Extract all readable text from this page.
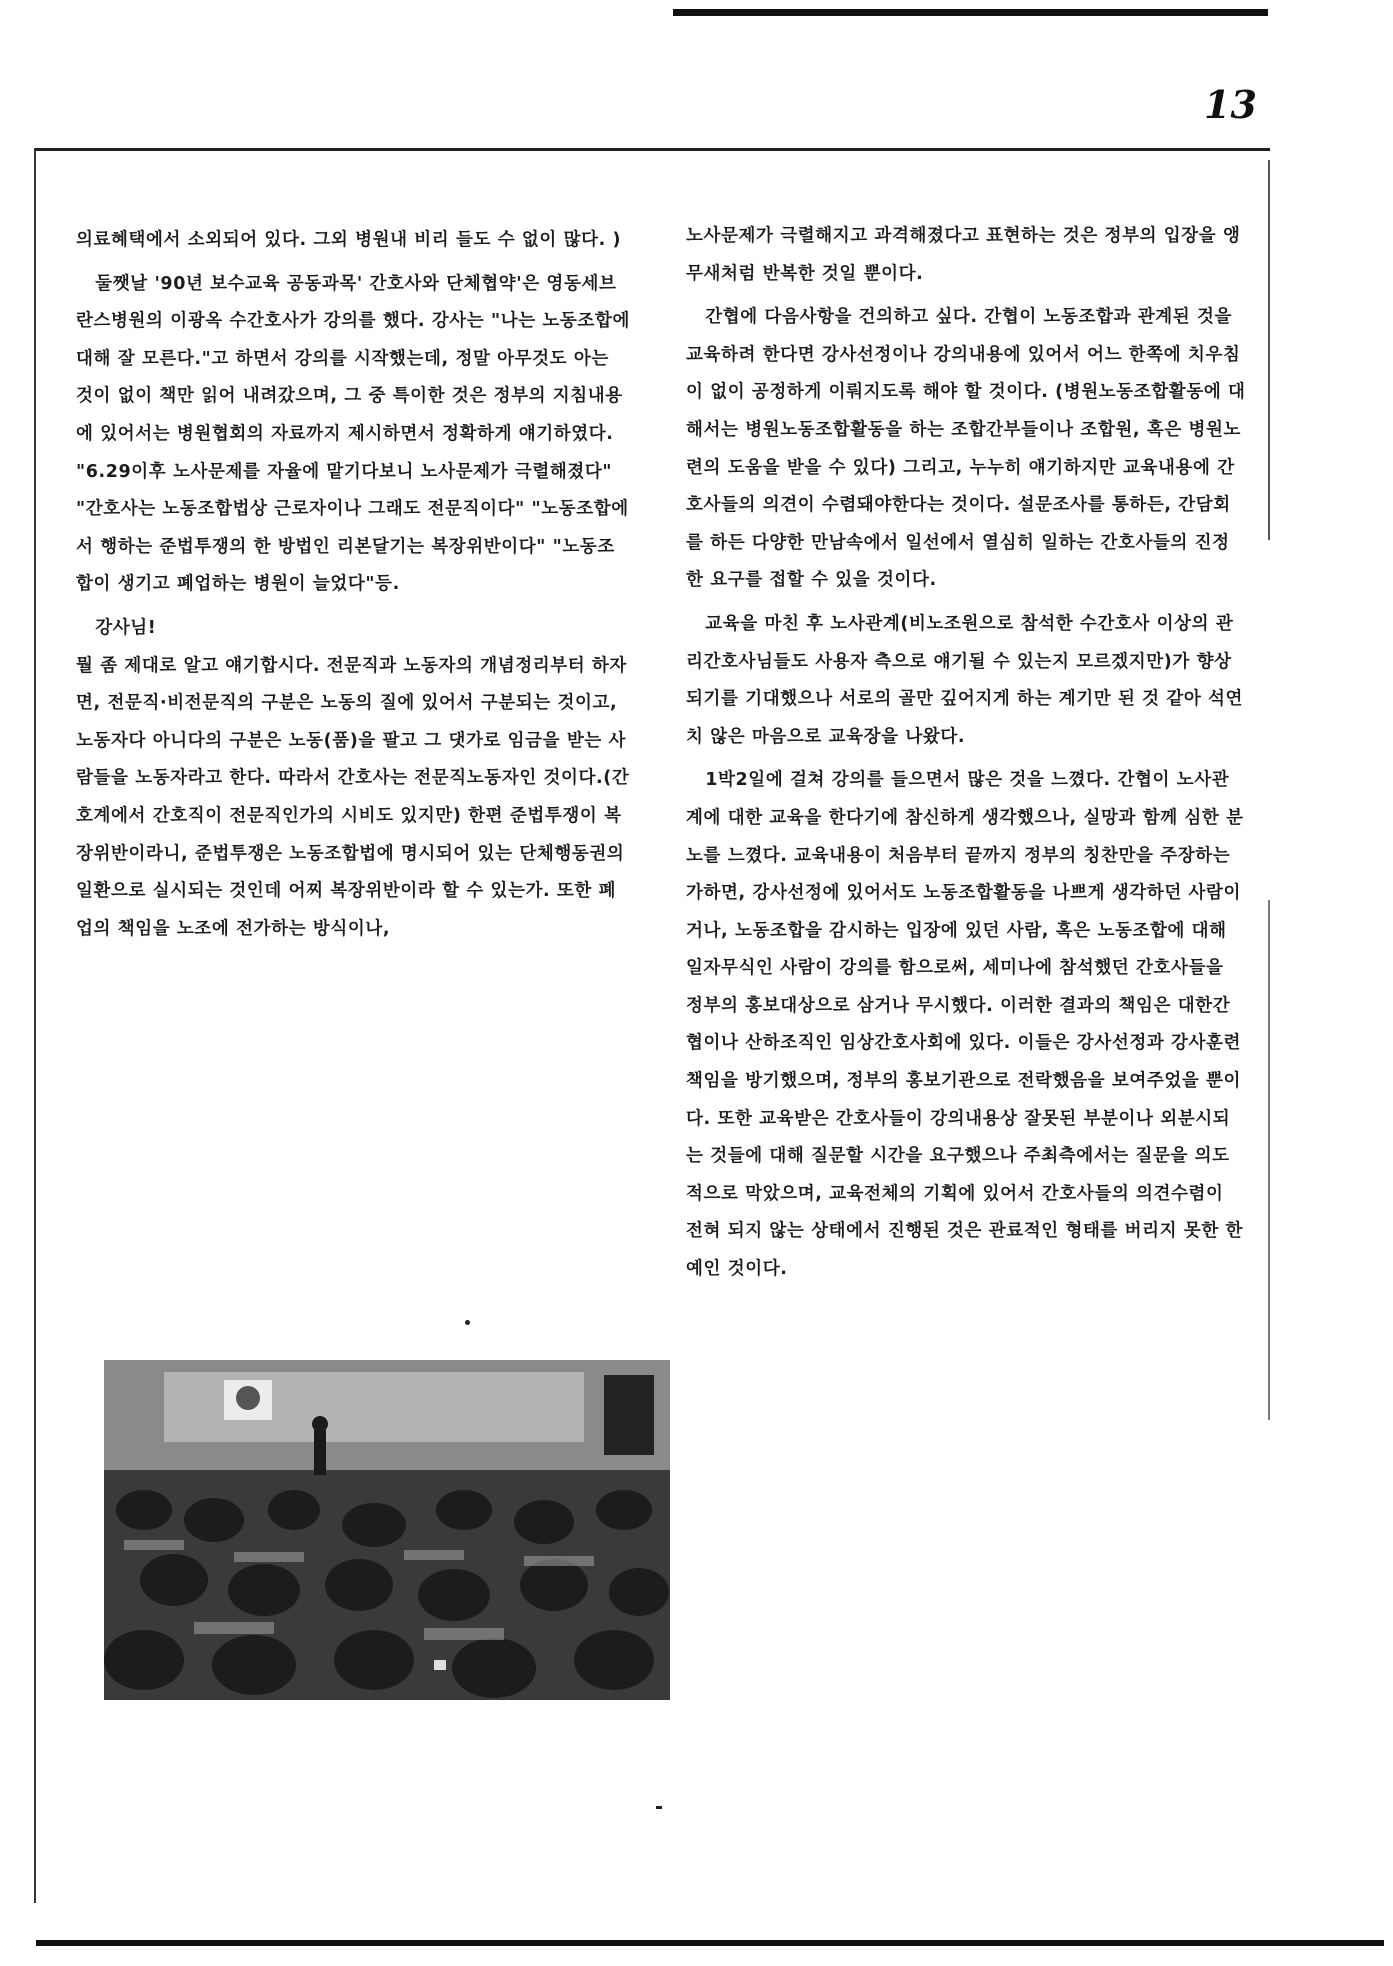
13

의료혜택에서 소외되어 있다. 그외 병원내 비리 들도 수 없이 많다. )

둘쨋날 '90년 보수교육 공동과목' 간호사와 단체협약'은 영동세브란스병원의 이광옥 수간호사가 강의를 했다. 강사는 "나는 노동조합에 대해 잘 모른다."고 하면서 강의를 시작했는데, 정말 아무것도 아는 것이 없이 책만 읽어 내려갔으며, 그 중 특이한 것은 정부의 지침내용에 있어서는 병원협회의 자료까지 제시하면서 정확하게 얘기하였다. "6.29이후 노사문제를 자율에 맡기다보니 노사문제가 극렬해졌다" "간호사는 노동조합법상 근로자이나 그래도 전문직이다" "노동조합에서 행하는 준법투쟁의 한 방법인 리본달기는 복장위반이다" "노동조합이 생기고 폐업하는 병원이 늘었다"등.

강사님!

뭘 좀 제대로 알고 얘기합시다. 전문직과 노동자의 개념정리부터 하자면, 전문직·비전문직의 구분은 노동의 질에 있어서 구분되는 것이고, 노동자다 아니다의 구분은 노동(품)을 팔고 그 댓가로 임금을 받는 사람들을 노동자라고 한다. 따라서 간호사는 전문직노동자인 것이다.(간호계에서 간호직이 전문직인가의 시비도 있지만) 한편 준법투쟁이 복장위반이라니, 준법투쟁은 노동조합법에 명시되어 있는 단체행동권의 일환으로 실시되는 것인데 어찌 복장위반이라 할 수 있는가. 또한 폐업의 책임을 노조에 전가하는 방식이나,

노사문제가 극렬해지고 과격해졌다고 표현하는 것은 정부의 입장을 앵무새처럼 반복한 것일 뿐이다.

간협에 다음사항을 건의하고 싶다. 간협이 노동조합과 관계된 것을 교육하려 한다면 강사선정이나 강의내용에 있어서 어느 한쪽에 치우침이 없이 공정하게 이뤄지도록 해야 할 것이다. (병원노동조합활동에 대해서는 병원노동조합활동을 하는 조합간부들이나 조합원, 혹은 병원노련의 도움을 받을 수 있다) 그리고, 누누히 얘기하지만 교육내용에 간호사들의 의견이 수렴돼야한다는 것이다. 설문조사를 통하든, 간담회를 하든 다양한 만남속에서 일선에서 열심히 일하는 간호사들의 진정한 요구를 접할 수 있을 것이다.

교육을 마친 후 노사관계(비노조원으로 참석한 수간호사 이상의 관리간호사님들도 사용자 측으로 얘기될 수 있는지 모르겠지만)가 향상되기를 기대했으나 서로의 골만 깊어지게 하는 계기만 된 것 같아 석연치 않은 마음으로 교육장을 나왔다.

1박2일에 걸쳐 강의를 들으면서 많은 것을 느꼈다. 간협이 노사관계에 대한 교육을 한다기에 참신하게 생각했으나, 실망과 함께 심한 분노를 느꼈다. 교육내용이 처음부터 끝까지 정부의 칭찬만을 주장하는가하면, 강사선정에 있어서도 노동조합활동을 나쁘게 생각하던 사람이거나, 노동조합을 감시하는 입장에 있던 사람, 혹은 노동조합에 대해 일자무식인 사람이 강의를 함으로써, 세미나에 참석했던 간호사들을 정부의 홍보대상으로 삼거나 무시했다. 이러한 결과의 책임은 대한간협이나 산하조직인 임상간호사회에 있다. 이들은 강사선정과 강사훈련 책임을 방기했으며, 정부의 홍보기관으로 전락했음을 보여주었을 뿐이다. 또한 교육받은 간호사들이 강의내용상 잘못된 부분이나 외분시되는 것들에 대해 질문할 시간을 요구했으나 주최측에서는 질문을 의도적으로 막았으며, 교육전체의 기획에 있어서 간호사들의 의견수렴이 전혀 되지 않는 상태에서 진행된 것은 관료적인 형태를 버리지 못한 한 예인 것이다.
